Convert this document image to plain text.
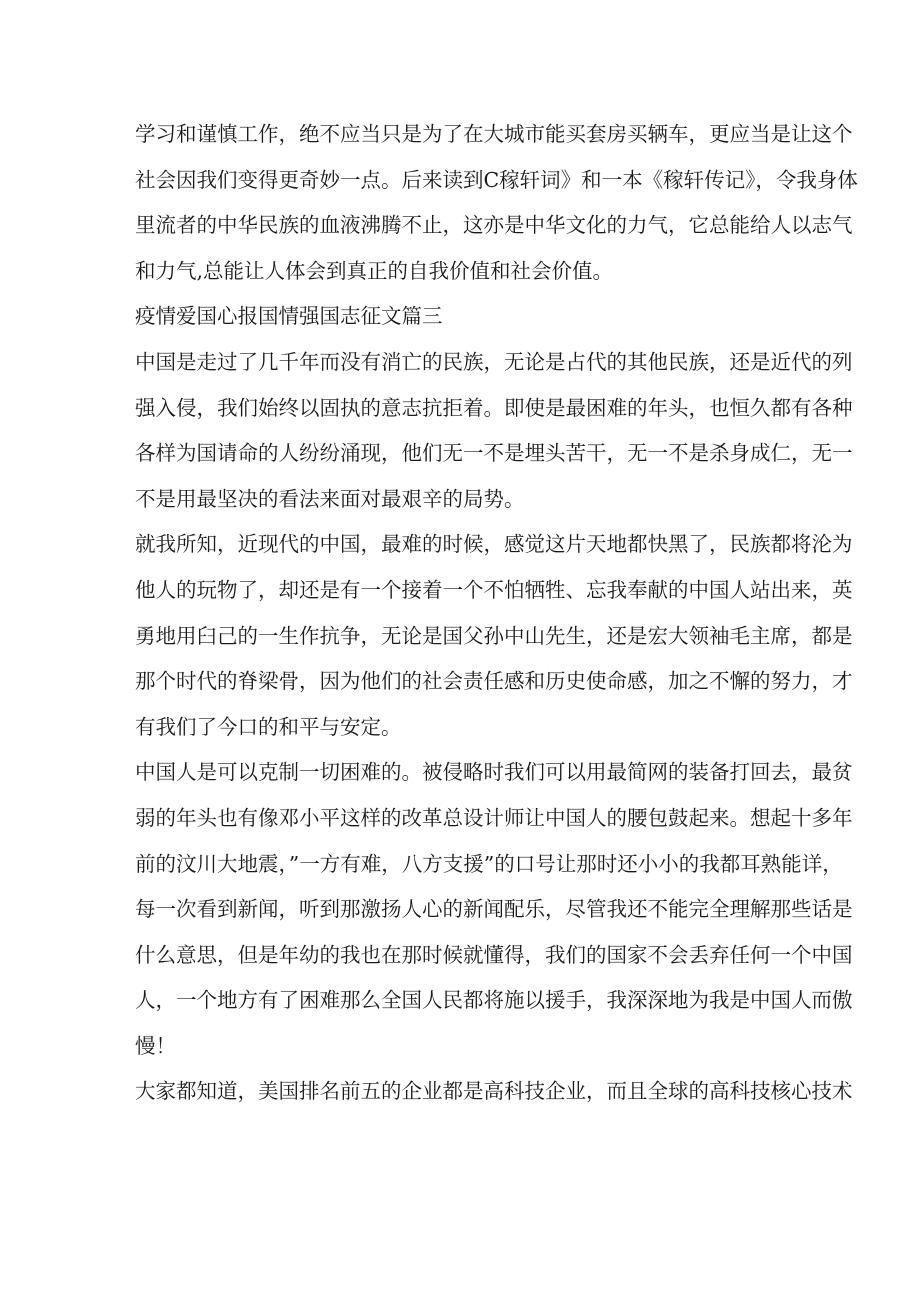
学习和谨慎工作，绝不应当只是为了在大城市能买套房买辆车，更应当是让这个
社会因我们变得更奇妙一点。后来读到C稼轩词》和一本《稼轩传记》，令我身体
里流者的中华民族的血液沸腾不止，这亦是中华文化的力气，它总能给人以志气
和力气,总能让人体会到真正的自我价值和社会价值。
疫情爱国心报国情强国志征文篇三
中国是走过了几千年而没有消亡的民族，无论是占代的其他民族，还是近代的列
强入侵，我们始终以固执的意志抗拒着。即使是最困难的年头，也恒久都有各种
各样为国请命的人纷纷涌现，他们无一不是埋头苦干，无一不是杀身成仁，无一
不是用最坚决的看法来面对最艰辛的局势。
就我所知，近现代的中国，最难的时候，感觉这片天地都快黑了，民族都将沦为
他人的玩物了，却还是有一个接着一个不怕牺牲、忘我奉献的中国人站出来，英
勇地用臼己的一生作抗争，无论是国父孙中山先生，还是宏大领袖毛主席，都是
那个时代的脊梁骨，因为他们的社会责任感和历史使命感，加之不懈的努力，才
有我们了今口的和平与安定。
中国人是可以克制一切困难的。被侵略时我们可以用最简网的装备打回去，最贫
弱的年头也有像邓小平这样的改革总设计师让中国人的腰包鼓起来。想起十多年
前的汶川大地震，”一方有难，八方支援”的口号让那时还小小的我都耳熟能详，
每一次看到新闻，听到那激扬人心的新闻配乐，尽管我还不能完全理解那些话是
什么意思，但是年幼的我也在那时候就懂得，我们的国家不会丢弃任何一个中国
人，一个地方有了困难那么全国人民都将施以援手，我深深地为我是中国人而傲
慢！
大家都知道，美国排名前五的企业都是高科技企业，而且全球的高科技核心技术
